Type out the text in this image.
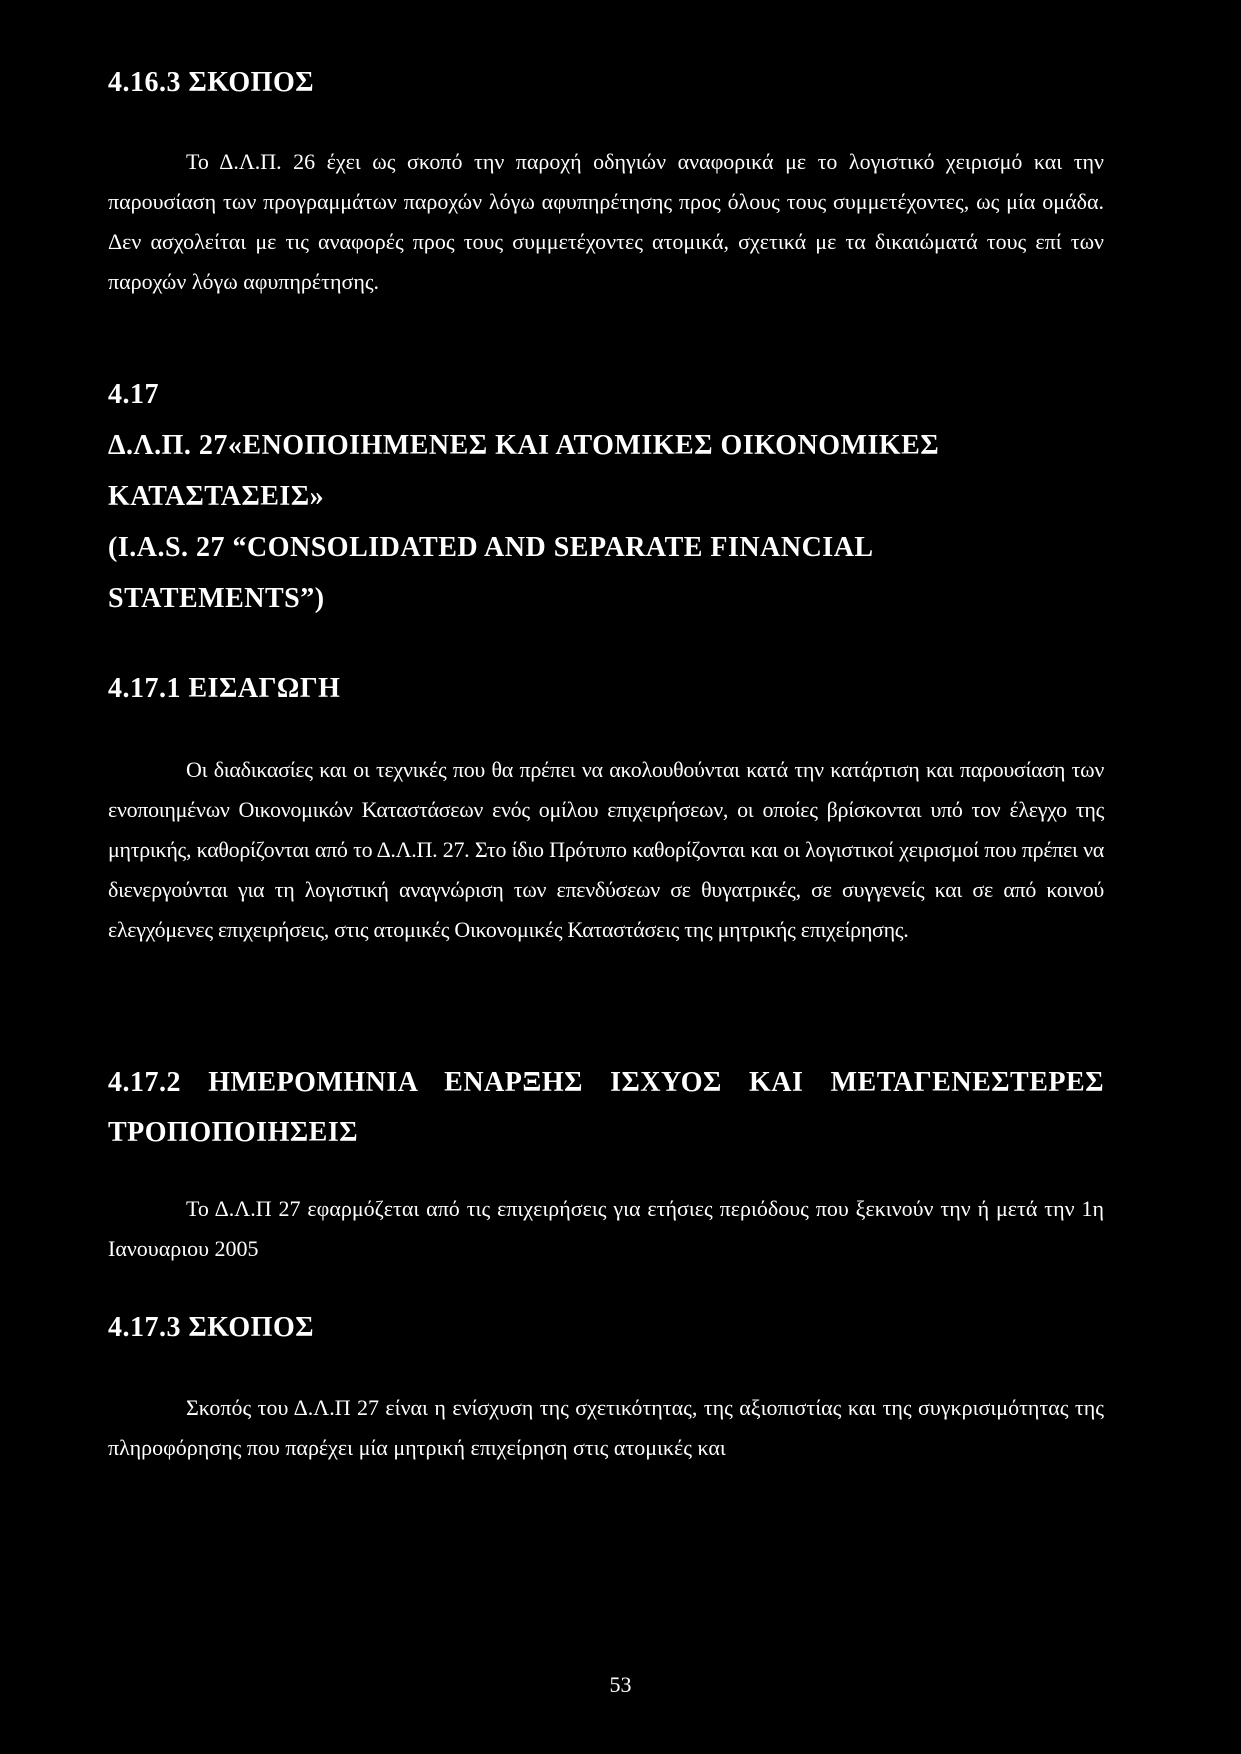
4.16.3 ΣΚΟΠΟΣ
Το Δ.Λ.Π. 26 έχει ως σκοπό την παροχή οδηγιών αναφορικά με το λογιστικό χειρισμό και την παρουσίαση των προγραμμάτων παροχών λόγω αφυπηρέτησης προς όλους τους συμμετέχοντες, ως μία ομάδα. Δεν ασχολείται με τις αναφορές προς τους συμμετέχοντες ατομικά, σχετικά με τα δικαιώματά τους επί των παροχών λόγω αφυπηρέτησης.
4.17
Δ.Λ.Π. 27«ΕΝΟΠΟΙΗΜΕΝΕΣ ΚΑΙ ΑΤΟΜΙΚΕΣ ΟΙΚΟΝΟΜΙΚΕΣ
ΚΑΤΑΣΤΑΣΕΙΣ»
(I.A.S. 27 “CONSOLIDATED AND SEPARATE FINANCIAL
STATEMENTS”)
4.17.1 ΕΙΣΑΓΩΓΗ
Οι διαδικασίες και οι τεχνικές που θα πρέπει να ακολουθούνται κατά την κατάρτιση και παρουσίαση των ενοποιημένων Οικονομικών Καταστάσεων ενός ομίλου επιχειρήσεων, οι οποίες βρίσκονται υπό τον έλεγχο της μητρικής, καθορίζονται από το Δ.Λ.Π. 27. Στο ίδιο Πρότυπο καθορίζονται και οι λογιστικοί χειρισμοί που πρέπει να διενεργούνται για τη λογιστική αναγνώριση των επενδύσεων σε θυγατρικές, σε συγγενείς και σε από κοινού ελεγχόμενες επιχειρήσεις, στις ατομικές Οικονομικές Καταστάσεις της μητρικής επιχείρησης.
4.17.2 ΗΜΕΡΟΜΗΝΙΑ ΕΝΑΡΞΗΣ ΙΣΧΥΟΣ ΚΑΙ ΜΕΤΑΓΕΝΕΣΤΕΡΕΣ ΤΡΟΠΟΠΟΙΗΣΕΙΣ
Το Δ.Λ.Π 27 εφαρμόζεται από τις επιχειρήσεις για ετήσιες περιόδους που ξεκινούν την ή μετά την 1η Ιανουαριου 2005
4.17.3 ΣΚΟΠΟΣ
Σκοπός του Δ.Λ.Π 27 είναι η ενίσχυση της σχετικότητας, της αξιοπιστίας και της συγκρισιμότητας της πληροφόρησης που παρέχει μία μητρική επιχείρηση στις ατομικές και
53
